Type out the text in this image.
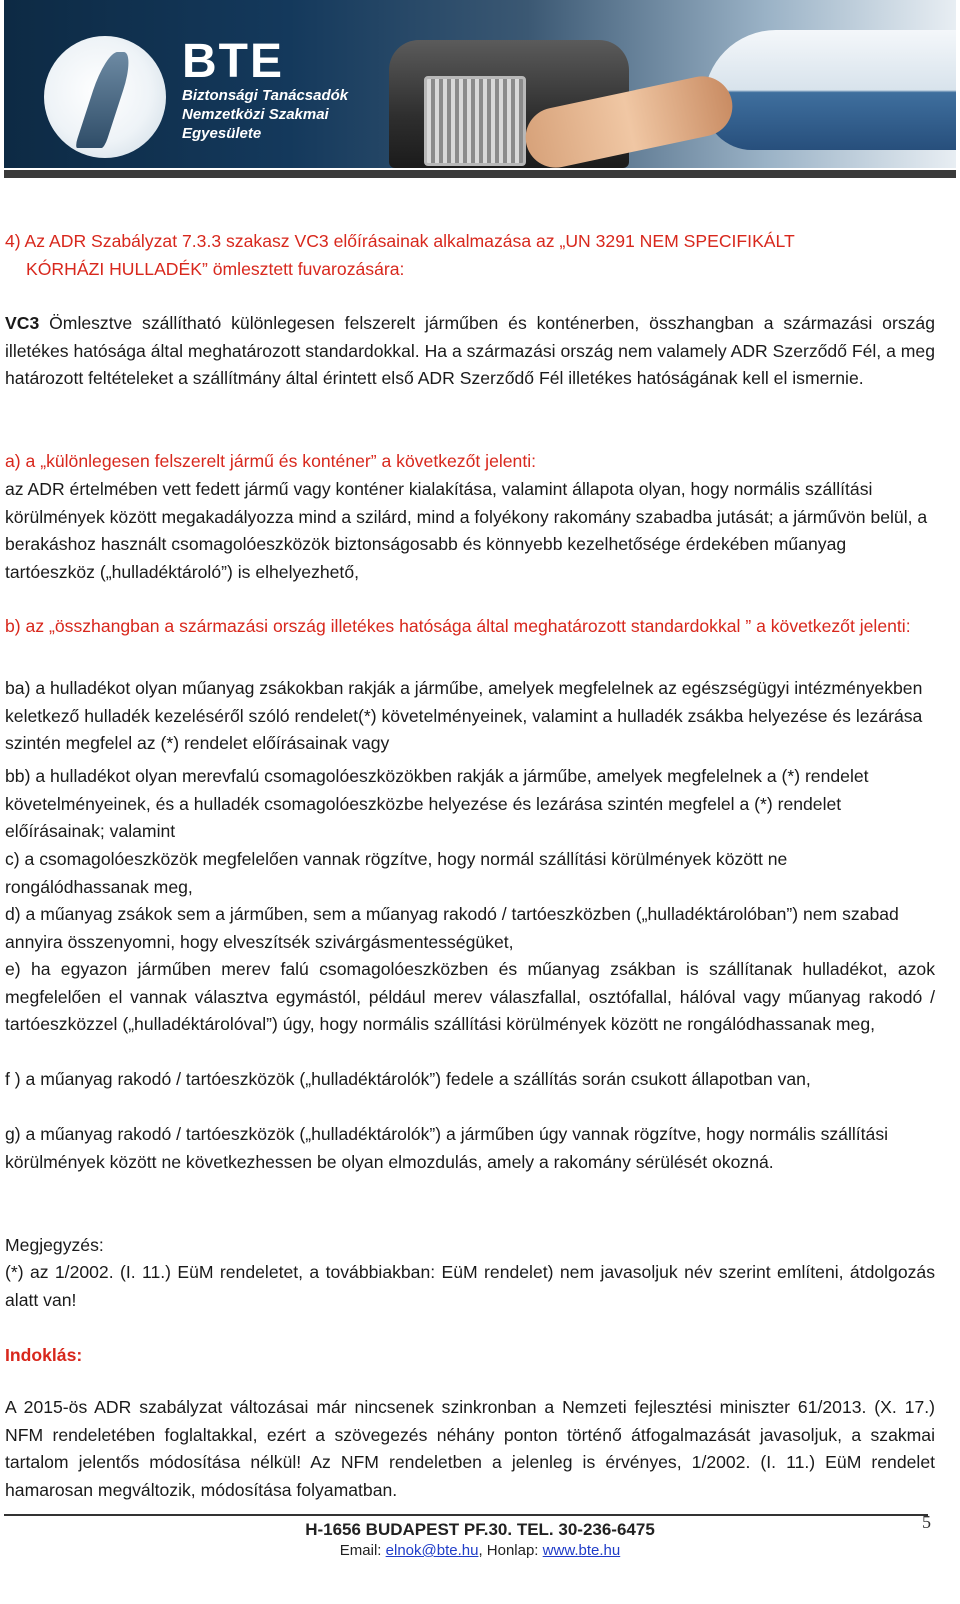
BTE
Biztonsági Tanácsadók
Nemzetközi Szakmai
Egyesülete
4) Az ADR Szabályzat 7.3.3 szakasz VC3 előírásainak alkalmazása az „UN 3291 NEM SPECIFIKÁLT
KÓRHÁZI HULLADÉK” ömlesztett fuvarozására:

VC3 Ömlesztve szállítható különlegesen felszerelt járműben és konténerben, összhangban a származási ország illetékes hatósága által meghatározott standardokkal. Ha a származási ország nem valamely ADR Szerződő Fél, a meg határozott feltételeket a szállítmány által érintett első ADR Szerződő Fél illetékes hatóságának kell el ismernie.

a) a „különlegesen felszerelt jármű és konténer” a következőt jelenti:

az ADR értelmében vett fedett jármű vagy konténer kialakítása, valamint állapota olyan, hogy normális szállítási körülmények között megakadályozza mind a szilárd, mind a folyékony rakomány szabadba jutását; a járművön belül, a berakáshoz használt csomagolóeszközök biztonságosabb és könnyebb kezelhetősége érdekében műanyag tartóeszköz („hulladéktároló”) is elhelyezhető,

b) az „összhangban a származási ország illetékes hatósága által meghatározott standardokkal ” a következőt jelenti:

ba) a hulladékot olyan műanyag zsákokban rakják a járműbe, amelyek megfelelnek az egészségügyi intézményekben keletkező hulladék kezeléséről szóló rendelet(*) követelményeinek, valamint a hulladék zsákba helyezése és lezárása szintén megfelel az (*) rendelet előírásainak vagy

bb) a hulladékot olyan merevfalú csomagolóeszközökben rakják a járműbe, amelyek megfelelnek a (*) rendelet követelményeinek, és a hulladék csomagolóeszközbe helyezése és lezárása szintén megfelel a (*) rendelet előírásainak; valamint

c) a csomagolóeszközök megfelelően vannak rögzítve, hogy normál szállítási körülmények között ne rongálódhassanak meg,

d) a műanyag zsákok sem a járműben, sem a műanyag rakodó / tartóeszközben („hulladéktárolóban”) nem szabad annyira összenyomni, hogy elveszítsék szivárgásmentességüket,

e) ha egyazon járműben merev falú csomagolóeszközben és műanyag zsákban is szállítanak hulladékot, azok megfelelően el vannak választva egymástól, például merev válaszfallal, osztófallal, hálóval vagy műanyag rakodó / tartóeszközzel („hulladéktárolóval”) úgy, hogy normális szállítási körülmények között ne rongálódhassanak meg,

f ) a műanyag rakodó / tartóeszközök („hulladéktárolók”) fedele a szállítás során csukott állapotban van,

g) a műanyag rakodó / tartóeszközök („hulladéktárolók”) a járműben úgy vannak rögzítve, hogy normális szállítási körülmények között ne következhessen be olyan elmozdulás, amely a rakomány sérülését okozná.

Megjegyzés:

(*) az 1/2002. (I. 11.) EüM rendeletet, a továbbiakban: EüM rendelet) nem javasoljuk név szerint említeni, átdolgozás alatt van!

Indoklás:

A 2015-ös ADR szabályzat változásai már nincsenek szinkronban a Nemzeti fejlesztési miniszter 61/2013. (X. 17.) NFM rendeletében foglaltakkal, ezért a szövegezés néhány ponton történő átfogalmazását javasoljuk, a szakmai tartalom jelentős módosítása nélkül! Az NFM rendeletben a jelenleg is érvényes, 1/2002. (I. 11.) EüM rendelet hamarosan megváltozik, módosítása folyamatban.

5
H-1656 BUDAPEST PF.30. TEL. 30-236-6475
Email: elnok@bte.hu, Honlap: www.bte.hu
